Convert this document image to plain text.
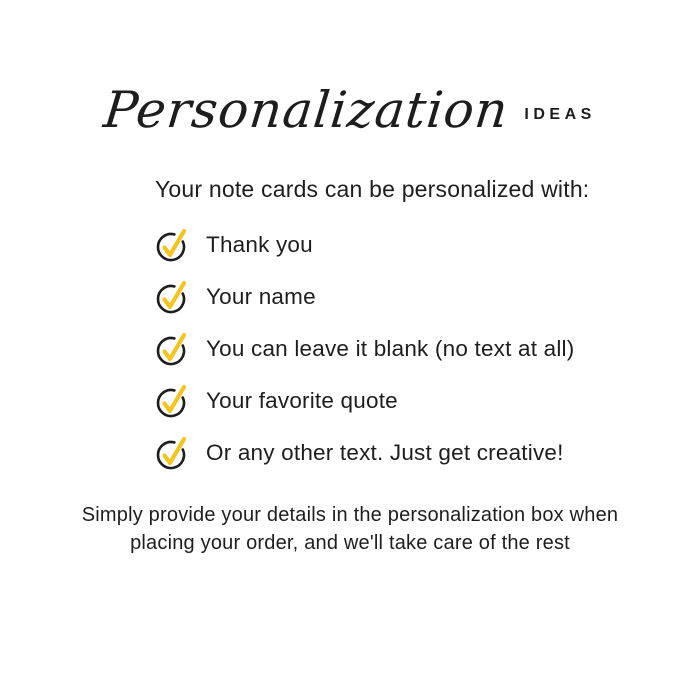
Personalization IDEAS
Your note cards can be personalized with:
Thank you
Your name
You can leave it blank (no text at all)
Your favorite quote
Or any other text. Just get creative!
Simply provide your details in the personalization box when
placing your order, and we'll take care of the rest
